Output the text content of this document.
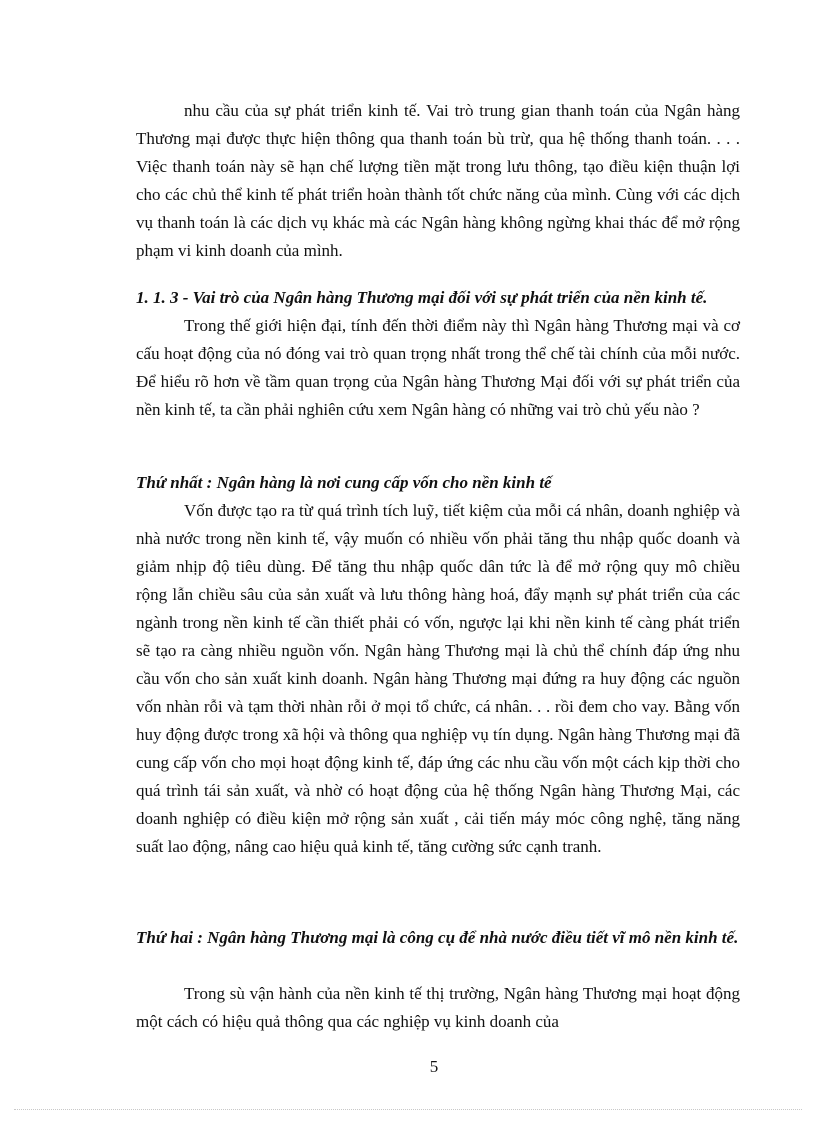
nhu cầu của sự phát triển kinh tế. Vai trò trung gian thanh toán của Ngân hàng Thương mại được thực hiện thông qua thanh toán bù trừ, qua hệ thống thanh toán. . . . Việc thanh toán này sẽ hạn chế lượng tiền mặt trong lưu thông, tạo điều kiện thuận lợi cho các chủ thể kinh tế phát triển hoàn thành tốt chức năng của mình. Cùng với các dịch vụ thanh toán là các dịch vụ khác mà các Ngân hàng không ngừng khai thác để mở rộng phạm vi kinh doanh của mình.

1. 1. 3 - Vai trò của Ngân hàng Thương mại đối với sự phát triển của nền kinh tế.

Trong thế giới hiện đại, tính đến thời điểm này thì Ngân hàng Thương mại và cơ cấu hoạt động của nó đóng vai trò quan trọng nhất trong thể chế tài chính của mỗi nước. Để hiểu rõ hơn về tầm quan trọng của Ngân hàng Thương Mại đối với sự phát triển của nền kinh tế, ta cần phải nghiên cứu xem Ngân hàng có những vai trò chủ yếu nào ?

Thứ nhất : Ngân hàng là nơi cung cấp vốn cho nền kinh tế

Vốn được tạo ra từ quá trình tích luỹ, tiết kiệm của mỗi cá nhân, doanh nghiệp và nhà nước trong nền kinh tế, vậy muốn có nhiều vốn phải tăng thu nhập quốc doanh và giảm nhịp độ tiêu dùng. Để tăng thu nhập quốc dân tức là để mở rộng quy mô chiều rộng lẫn chiều sâu của sản xuất và lưu thông hàng hoá, đẩy mạnh sự phát triển của các ngành trong nền kinh tế cần thiết phải có vốn, ngược lại khi nền kinh tế càng phát triển sẽ tạo ra càng nhiều nguồn vốn. Ngân hàng Thương mại là chủ thể chính đáp ứng nhu cầu vốn cho sản xuất kinh doanh. Ngân hàng Thương mại đứng ra huy động các nguồn vốn nhàn rỗi và tạm thời nhàn rỗi ở mọi tổ chức, cá nhân. . . rồi đem cho vay. Bằng vốn huy động được trong xã hội và thông qua nghiệp vụ tín dụng. Ngân hàng Thương mại đã cung cấp vốn cho mọi hoạt động kinh tế, đáp ứng các nhu cầu vốn một cách kịp thời cho quá trình tái sản xuất, và nhờ có hoạt động của hệ thống Ngân hàng Thương Mại, các doanh nghiệp có điều kiện mở rộng sản xuất , cải tiến máy móc công nghệ, tăng năng suất lao động, nâng cao hiệu quả kinh tế, tăng cường sức cạnh tranh.

Thứ hai : Ngân hàng Thương mại là công cụ để nhà nước điều tiết vĩ mô nền kinh tế.

Trong sù vận hành của nền kinh tế thị trường, Ngân hàng Thương mại hoạt động một cách có hiệu quả thông qua các nghiệp vụ kinh doanh của

5
